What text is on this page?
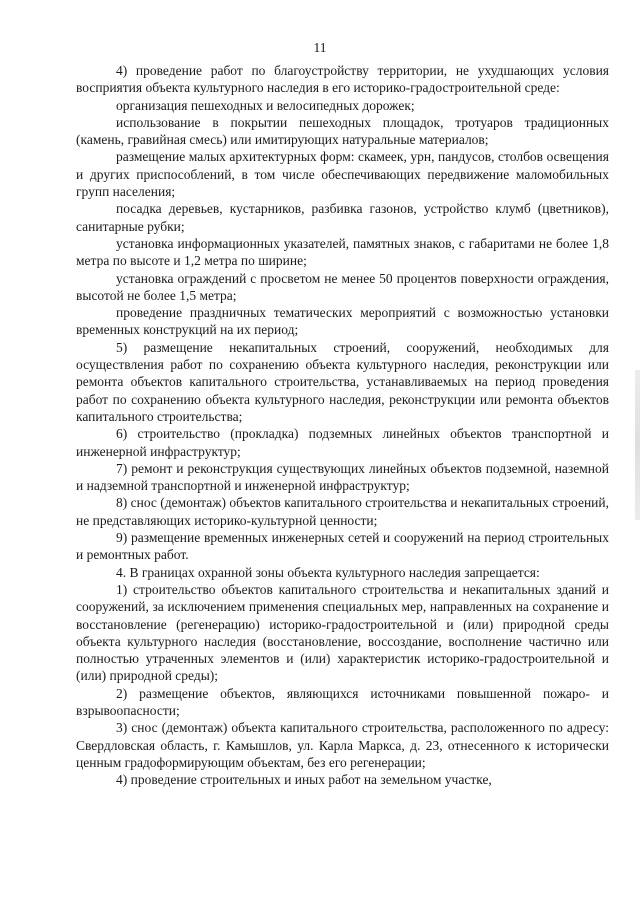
11

4) проведение работ по благоустройству территории, не ухудшающих условия восприятия объекта культурного наследия в его историко-градостроительной среде:

организация пешеходных и велосипедных дорожек;

использование в покрытии пешеходных площадок, тротуаров традиционных (камень, гравийная смесь) или имитирующих натуральные материалов;

размещение малых архитектурных форм: скамеек, урн, пандусов, столбов освещения и других приспособлений, в том числе обеспечивающих передвижение маломобильных групп населения;

посадка деревьев, кустарников, разбивка газонов, устройство клумб (цветников), санитарные рубки;

установка информационных указателей, памятных знаков, с габаритами не более 1,8 метра по высоте и 1,2 метра по ширине;

установка ограждений с просветом не менее 50 процентов поверхности ограждения, высотой не более 1,5 метра;

проведение праздничных тематических мероприятий с возможностью установки временных конструкций на их период;

5) размещение некапитальных строений, сооружений, необходимых для осуществления работ по сохранению объекта культурного наследия, реконструкции или ремонта объектов капитального строительства, устанавливаемых на период проведения работ по сохранению объекта культурного наследия, реконструкции или ремонта объектов капитального строительства;

6) строительство (прокладка) подземных линейных объектов транспортной и инженерной инфраструктур;

7) ремонт и реконструкция существующих линейных объектов подземной, наземной и надземной транспортной и инженерной инфраструктур;

8) снос (демонтаж) объектов капитального строительства и некапитальных строений, не представляющих историко-культурной ценности;

9) размещение временных инженерных сетей и сооружений на период строительных и ремонтных работ.

4. В границах охранной зоны объекта культурного наследия запрещается:

1) строительство объектов капитального строительства и некапитальных зданий и сооружений, за исключением применения специальных мер, направленных на сохранение и восстановление (регенерацию) историко-градостроительной и (или) природной среды объекта культурного наследия (восстановление, воссоздание, восполнение частично или полностью утраченных элементов и (или) характеристик историко-градостроительной и (или) природной среды);

2) размещение объектов, являющихся источниками повышенной пожаро- и взрывоопасности;

3) снос (демонтаж) объекта капитального строительства, расположенного по адресу: Свердловская область, г. Камышлов, ул. Карла Маркса, д. 23, отнесенного к исторически ценным градоформирующим объектам, без его регенерации;

4) проведение строительных и иных работ на земельном участке,
